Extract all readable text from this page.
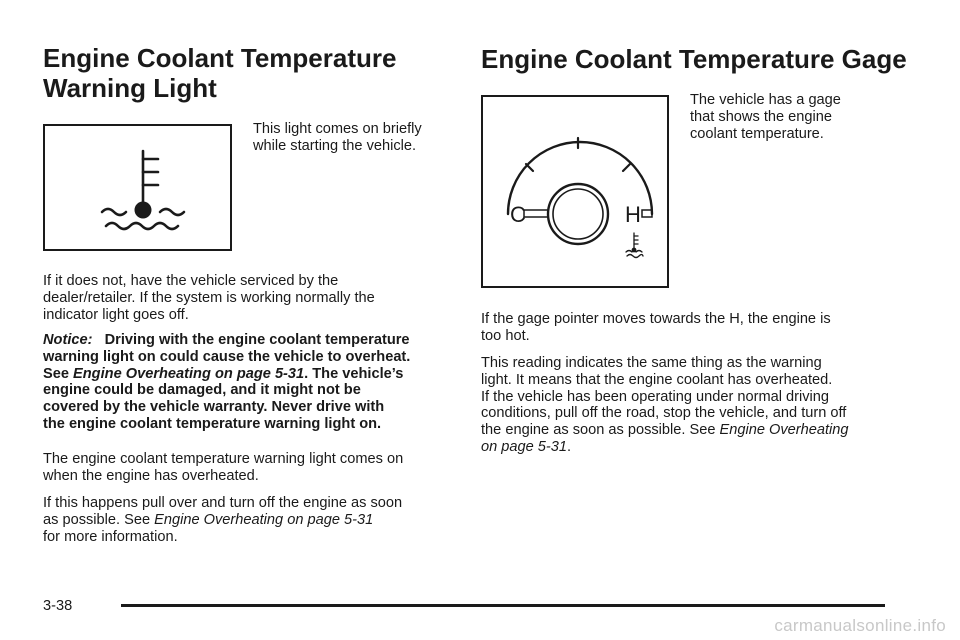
Engine Coolant Temperature
Warning Light
This light comes on briefly
while starting the vehicle.
If it does not, have the vehicle serviced by the
dealer/retailer. If the system is working normally the
indicator light goes off.
Notice: Driving with the engine coolant temperature
warning light on could cause the vehicle to overheat.
See Engine Overheating on page 5-31. The vehicle’s
engine could be damaged, and it might not be
covered by the vehicle warranty. Never drive with
the engine coolant temperature warning light on.
The engine coolant temperature warning light comes on
when the engine has overheated.
If this happens pull over and turn off the engine as soon
as possible. See Engine Overheating on page 5-31
for more information.
Engine Coolant Temperature Gage
C	H
The vehicle has a gage
that shows the engine
coolant temperature.
If the gage pointer moves towards the H, the engine is
too hot.
This reading indicates the same thing as the warning
light. It means that the engine coolant has overheated.
If the vehicle has been operating under normal driving
conditions, pull off the road, stop the vehicle, and turn off
the engine as soon as possible. See Engine Overheating
on page 5-31.
3-38
carmanualsonline.info
